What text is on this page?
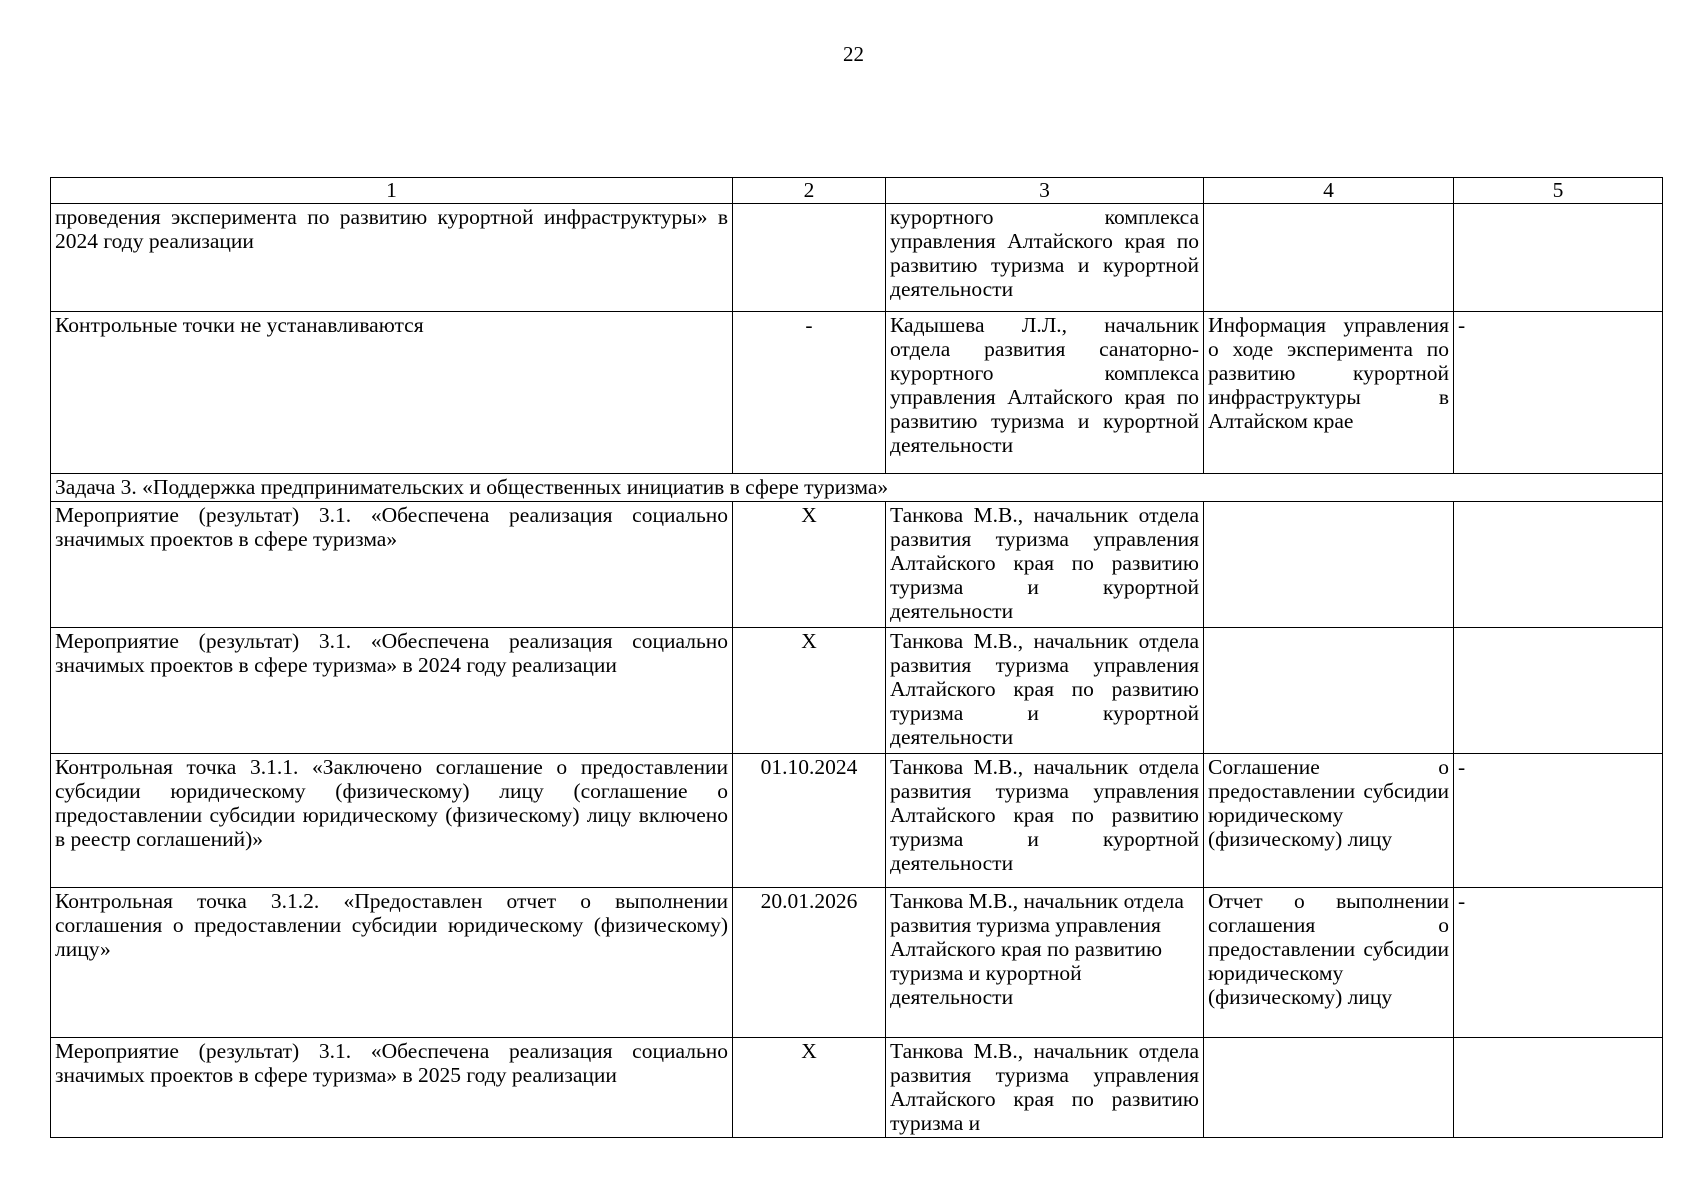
22
1	2	3	4	5
проведения эксперимента по развитию курортной инфраструктуры» в 2024 году реализации		курортного комплекса управления Алтайского края по развитию туризма и курортной деятельности		
Контрольные точки не устанавливаются	-	Кадышева Л.Л., начальник отдела развития санаторно-курортного комплекса управления Алтайского края по развитию туризма и курортной деятельности	Информация управления о ходе эксперимента по развитию курортной инфраструктуры в Алтайском крае	-
Задача 3. «Поддержка предпринимательских и общественных инициатив в сфере туризма»				
Мероприятие (результат) 3.1. «Обеспечена реализация социально значимых проектов в сфере туризма»	X	Танкова М.В., начальник отдела развития туризма управления Алтайского края по развитию туризма и курортной деятельности		
Мероприятие (результат) 3.1. «Обеспечена реализация социально значимых проектов в сфере туризма» в 2024 году реализации	X	Танкова М.В., начальник отдела развития туризма управления Алтайского края по развитию туризма и курортной деятельности		
Контрольная точка 3.1.1. «Заключено соглашение о предоставлении субсидии юридическому (физическому) лицу (соглашение о предоставлении субсидии юридическому (физическому) лицу включено в реестр соглашений)»	01.10.2024	Танкова М.В., начальник отдела развития туризма управления Алтайского края по развитию туризма и курортной деятельности	Соглашение о предоставлении субсидии юридическому (физическому) лицу	-
Контрольная точка 3.1.2. «Предоставлен отчет о выполнении соглашения о предоставлении субсидии юридическому (физическому) лицу»	20.01.2026	Танкова М.В., начальник отдела развития туризма управления Алтайского края по развитию туризма и курортной деятельности	Отчет о выполнении соглашения о предоставлении субсидии юридическому (физическому) лицу	-
Мероприятие (результат) 3.1. «Обеспечена реализация социально значимых проектов в сфере туризма» в 2025 году реализации	X	Танкова М.В., начальник отдела развития туризма управления Алтайского края по развитию туризма и		
